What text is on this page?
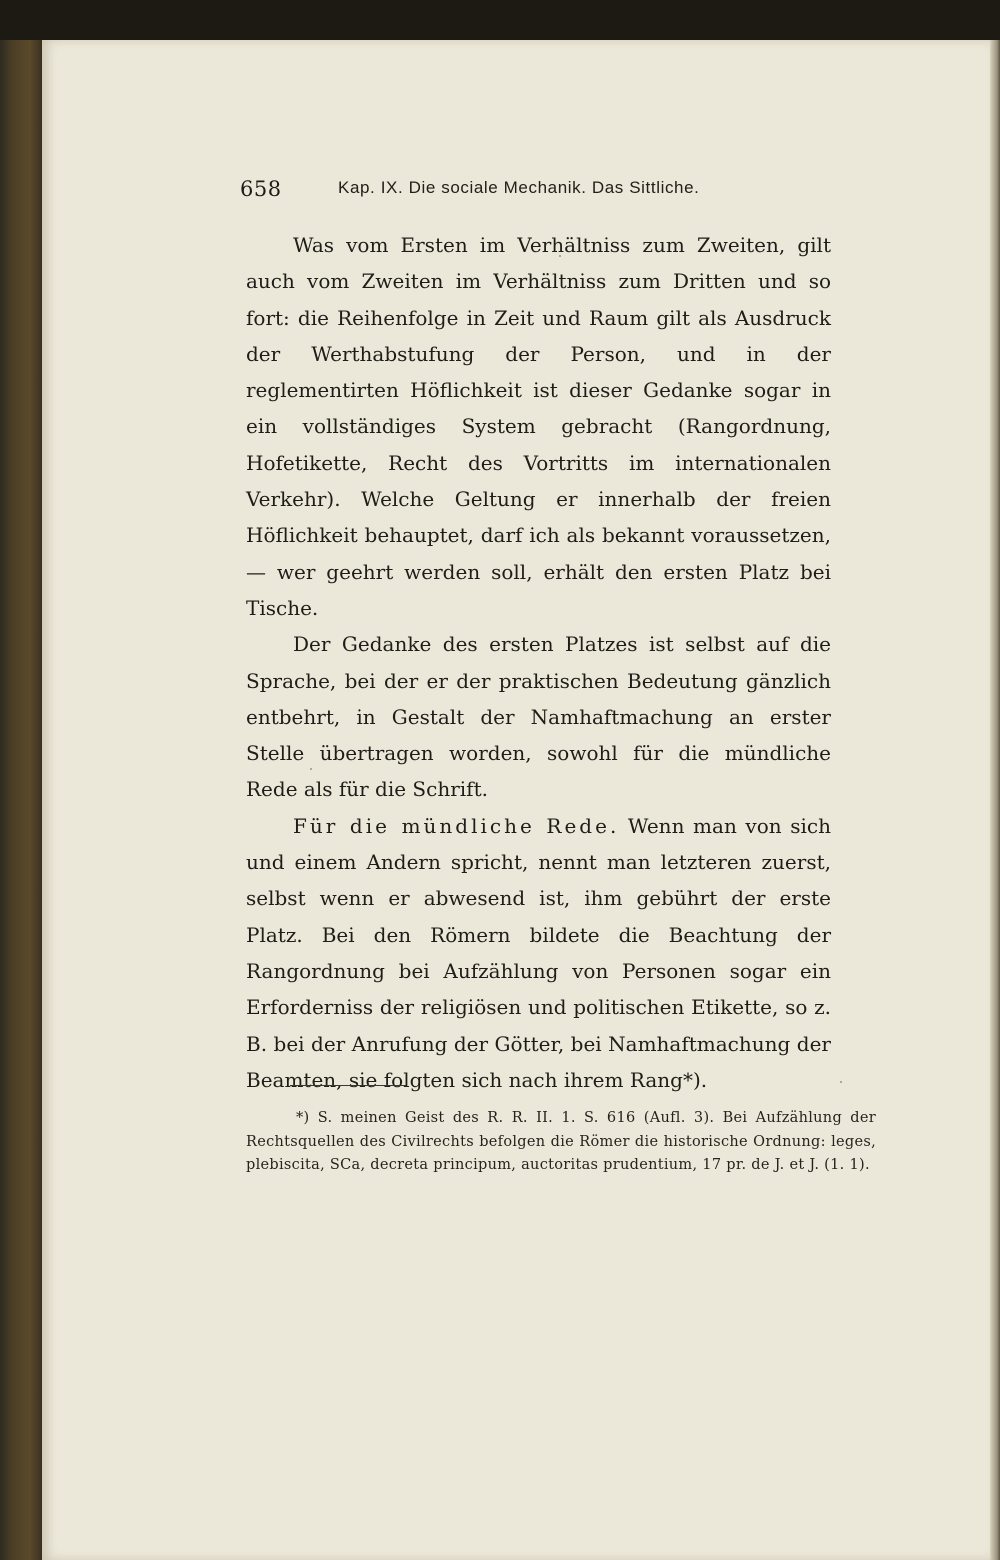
658	Kap. IX. Die sociale Mechanik. Das Sittliche.

Was vom Ersten im Verhältniss zum Zweiten, gilt auch vom Zweiten im Verhältniss zum Dritten und so fort: die Reihenfolge in Zeit und Raum gilt als Ausdruck der Werthabstufung der Person, und in der reglementirten Höflichkeit ist dieser Gedanke sogar in ein vollständiges System gebracht (Rangordnung, Hofetikette, Recht des Vortritts im internationalen Verkehr). Welche Geltung er innerhalb der freien Höflichkeit behauptet, darf ich als bekannt voraussetzen, — wer geehrt werden soll, erhält den ersten Platz bei Tische.

Der Gedanke des ersten Platzes ist selbst auf die Sprache, bei der er der praktischen Bedeutung gänzlich entbehrt, in Gestalt der Namhaftmachung an erster Stelle übertragen worden, sowohl für die mündliche Rede als für die Schrift.

Für die mündliche Rede. Wenn man von sich und einem Andern spricht, nennt man letzteren zuerst, selbst wenn er abwesend ist, ihm gebührt der erste Platz. Bei den Römern bildete die Beachtung der Rangordnung bei Aufzählung von Personen sogar ein Erforderniss der religiösen und politischen Etikette, so z. B. bei der Anrufung der Götter, bei Namhaftmachung der Beamten, sie folgten sich nach ihrem Rang*).

*) S. meinen Geist des R. R. II. 1. S. 616 (Aufl. 3). Bei Aufzählung der Rechtsquellen des Civilrechts befolgen die Römer die historische Ordnung: leges, plebiscita, SCa, decreta principum, auctoritas prudentium, 17 pr. de J. et J. (1. 1).
